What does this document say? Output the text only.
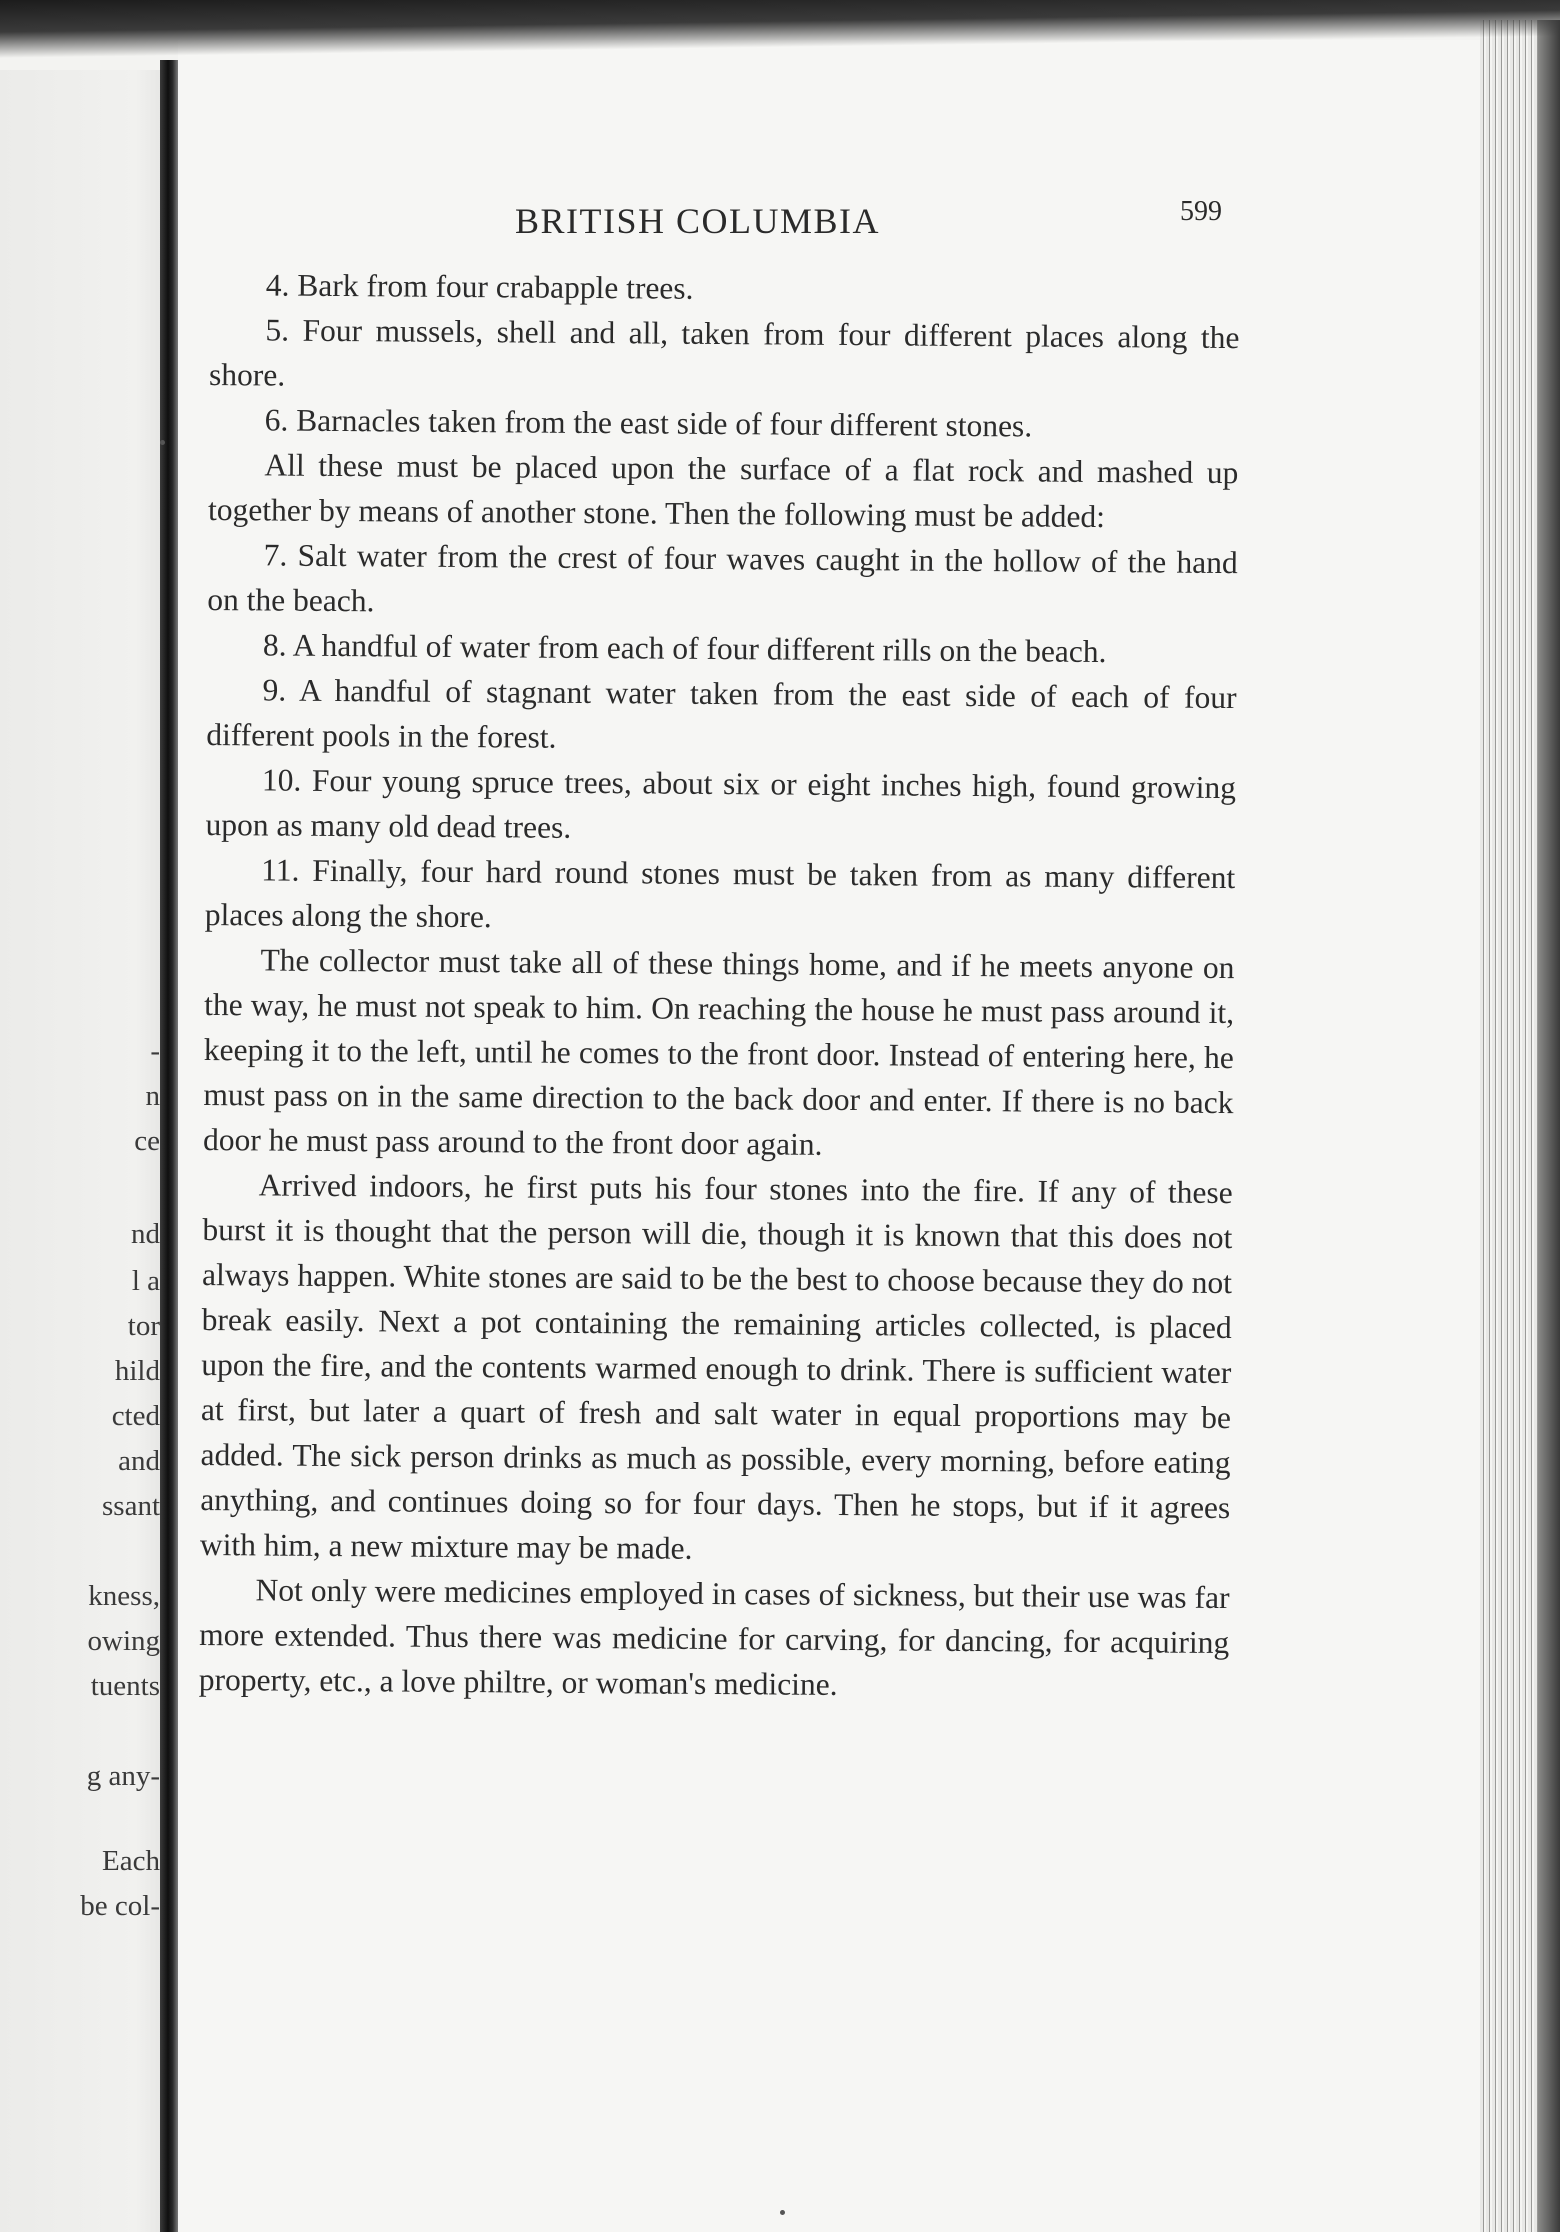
-
n
ce
nd
l a
tor
hild
cted
and
ssant
kness,
owing
tuents
g any-
Each
be col-
BRITISH COLUMBIA	599

4. Bark from four crabapple trees.

5. Four mussels, shell and all, taken from four different places along the shore.

6. Barnacles taken from the east side of four different stones.

All these must be placed upon the surface of a flat rock and mashed up together by means of another stone. Then the following must be added:

7. Salt water from the crest of four waves caught in the hollow of the hand on the beach.

8. A handful of water from each of four different rills on the beach.

9. A handful of stagnant water taken from the east side of each of four different pools in the forest.

10. Four young spruce trees, about six or eight inches high, found growing upon as many old dead trees.

11. Finally, four hard round stones must be taken from as many different places along the shore.

The collector must take all of these things home, and if he meets anyone on the way, he must not speak to him. On reaching the house he must pass around it, keeping it to the left, until he comes to the front door. Instead of entering here, he must pass on in the same direction to the back door and enter. If there is no back door he must pass around to the front door again.

Arrived indoors, he first puts his four stones into the fire. If any of these burst it is thought that the person will die, though it is known that this does not always happen. White stones are said to be the best to choose because they do not break easily. Next a pot containing the remaining articles collected, is placed upon the fire, and the contents warmed enough to drink. There is sufficient water at first, but later a quart of fresh and salt water in equal proportions may be added. The sick person drinks as much as possible, every morning, before eating anything, and continues doing so for four days. Then he stops, but if it agrees with him, a new mixture may be made.

Not only were medicines employed in cases of sickness, but their use was far more extended. Thus there was medicine for carving, for dancing, for acquiring property, etc., a love philtre, or woman's medicine.
